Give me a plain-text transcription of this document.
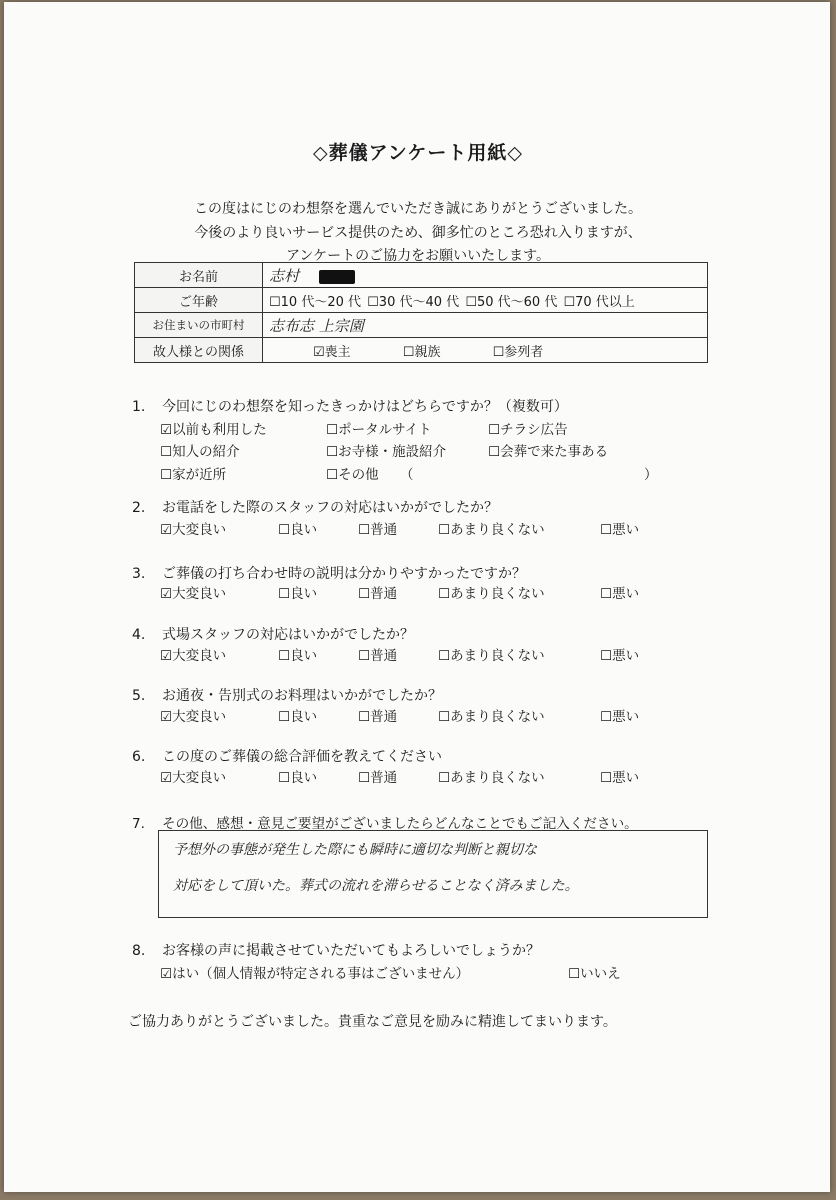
◇葬儀アンケート用紙◇
この度はにじのわ想祭を選んでいただき誠にありがとうございました。
今後のより良いサービス提供のため、御多忙のところ恐れ入りますが、
アンケートのご協力をお願いいたします。
お名前	志村
ご年齢	☐10 代～20 代 ☐30 代～40 代 ☐50 代～60 代 ☐70 代以上
お住まいの市町村	志布志 上宗園
故人様との関係	☑喪主 ☐親族 ☐参列者
1. 今回にじのわ想祭を知ったきっかけはどちらですか？（複数可）
☑以前も利用した	☐ポータルサイト	☐チラシ広告
☐知人の紹介	☐お寺様・施設紹介	☐会葬で来た事ある
☐家が近所	☐その他 （	）
2. お電話をした際のスタッフの対応はいかがでしたか？
☑大変良い	☐良い	☐普通	☐あまり良くない	☐悪い
3. ご葬儀の打ち合わせ時の説明は分かりやすかったですか？
☑大変良い	☐良い	☐普通	☐あまり良くない	☐悪い
4. 式場スタッフの対応はいかがでしたか？
☑大変良い	☐良い	☐普通	☐あまり良くない	☐悪い
5. お通夜・告別式のお料理はいかがでしたか？
☑大変良い	☐良い	☐普通	☐あまり良くない	☐悪い
6. この度のご葬儀の総合評価を教えてください
☑大変良い	☐良い	☐普通	☐あまり良くない	☐悪い
7. その他、感想・意見ご要望がございましたらどんなことでもご記入ください。
予想外の事態が発生した際にも瞬時に適切な判断と親切な
対応をして頂いた。葬式の流れを滞らせることなく済みました。
8. お客様の声に掲載させていただいてもよろしいでしょうか？
☑はい（個人情報が特定される事はございません）	☐いいえ
ご協力ありがとうございました。貴重なご意見を励みに精進してまいります。
